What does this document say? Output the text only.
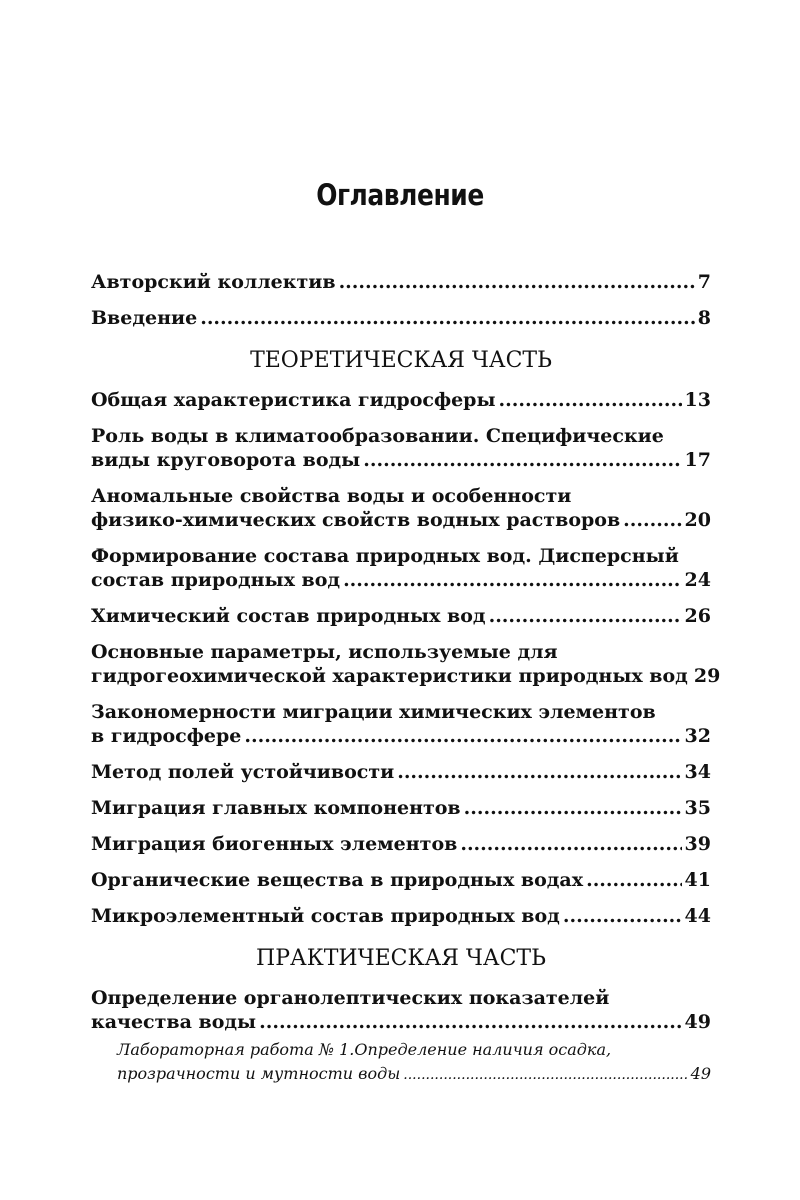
Оглавление
Авторский коллектив .....	7
Введение .....	8
ТЕОРЕТИЧЕСКАЯ ЧАСТЬ
Общая характеристика гидросферы .....	13
Роль воды в климатообразовании. Специфические
виды круговорота воды .....	17
Аномальные свойства воды и особенности
физико-химических свойств водных растворов .....	20
Формирование состава природных вод. Дисперсный
состав природных вод .....	24
Химический состав природных вод .....	26
Основные параметры, используемые для
гидрогеохимической характеристики природных вод 29
Закономерности миграции химических элементов
в гидросфере .....	32
Метод полей устойчивости .....	34
Миграция главных компонентов .....	35
Миграция биогенных элементов .....	39
Органические вещества в природных водах .....	41
Микроэлементный состав природных вод .....	44
ПРАКТИЧЕСКАЯ ЧАСТЬ
Определение органолептических показателей
качества воды .....	49
Лабораторная работа № 1.Определение наличия осадка,
прозрачности и мутности воды .....	49
